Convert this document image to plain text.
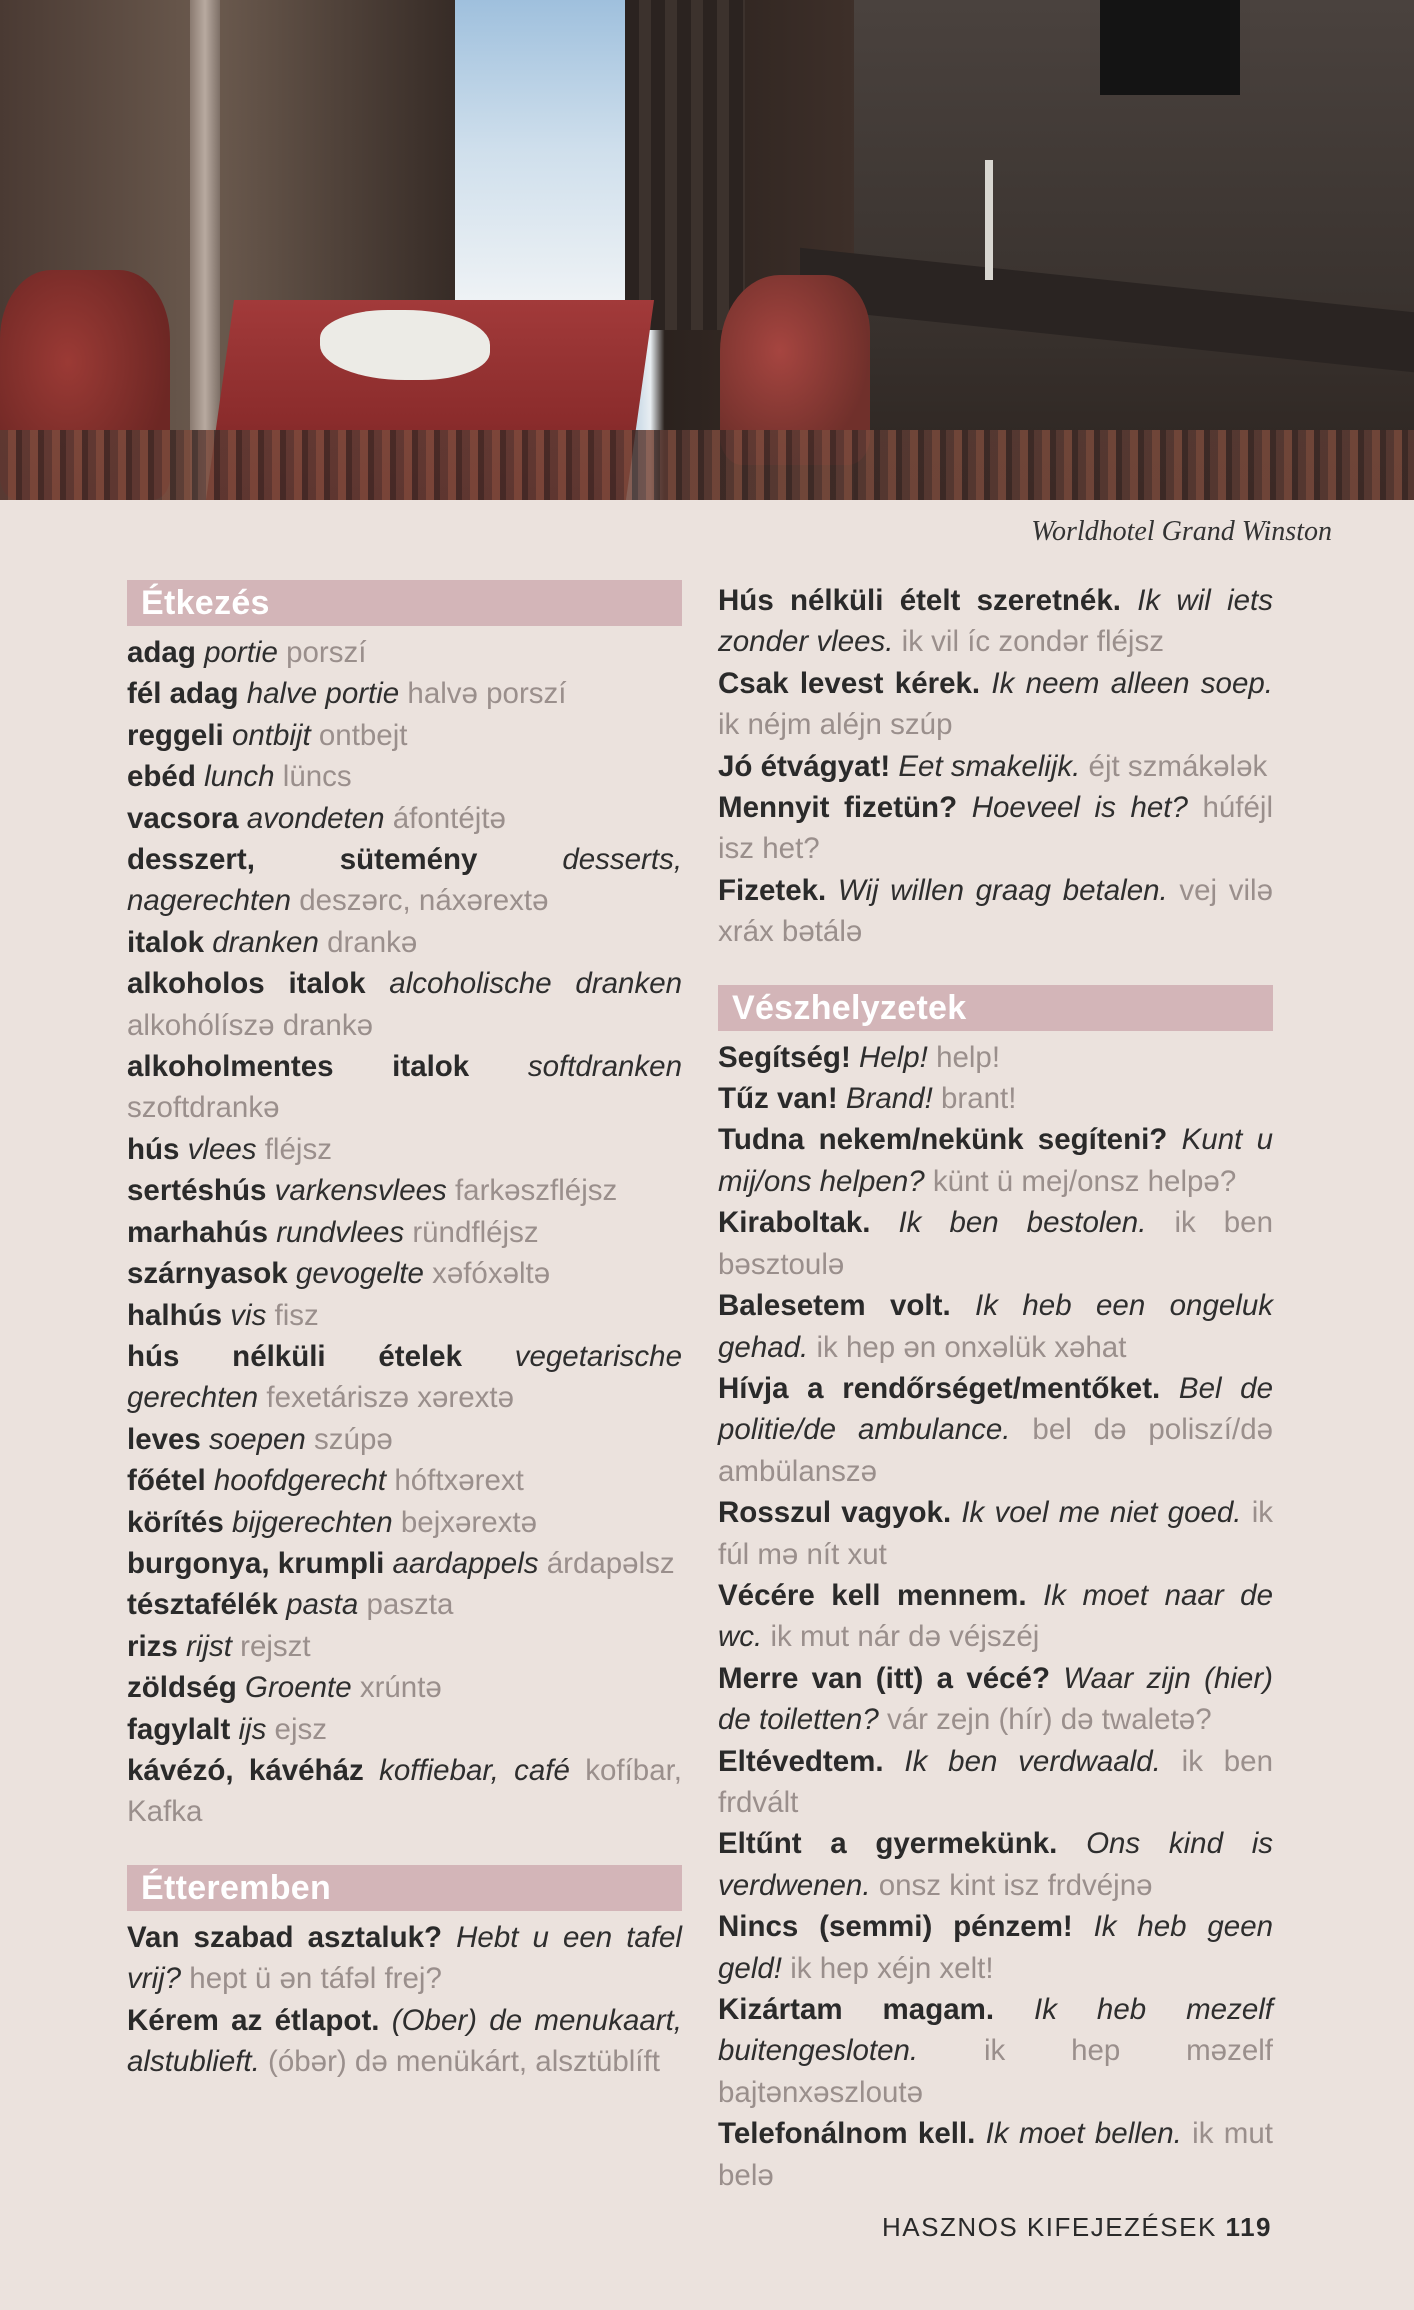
Worldhotel Grand Winston
Étkezés
adag portie porszí
fél adag halve portie halvə porszí
reggeli ontbijt ontbejt
ebéd lunch lüncs
vacsora avondeten áfontéjtə
desszert, sütemény	desserts, nagerechten deszərc, náxərextə
italok dranken drankə
alkoholos italok alcoholische dranken alkohólíszə drankə
alkoholmentes italok softdranken szoftdrankə
hús vlees fléjsz
sertéshús varkensvlees farkəszfléjsz
marhahús rundvlees ründfléjsz
szárnyasok gevogelte xəfóxəltə
halhús vis fisz
hús nélküli ételek vegetarische gerechten fexetáriszə xərextə
leves soepen szúpə
főétel hoofdgerecht hóftxərext
körítés bijgerechten bejxərextə
burgonya, krumpli aardappels árdapəlsz
tésztafélék pasta paszta
rizs rijst rejszt
zöldség Groente xrúntə
fagylalt ijs ejsz
kávézó, kávéház koffiebar, café kofíbar, Kafka
Étteremben
Van szabad asztaluk? Hebt u een tafel vrij? hept ü ən táfəl frej?
Kérem az étlapot. (Ober) de menukaart, alstublieft. (óbər) də menükárt, alsztüblíft
Hús nélküli ételt szeretnék. Ik wil iets zonder vlees. ik vil íc zondər fléjsz
Csak levest kérek. Ik neem alleen soep. ik néjm aléjn szúp
Jó étvágyat! Eet smakelijk. éjt szmákələk
Mennyit fizetün? Hoeveel is het? húféjl isz het?
Fizetek. Wij willen graag betalen. vej vilə xráx bətálə
Vészhelyzetek
Segítség! Help! help!
Tűz van! Brand! brant!
Tudna nekem/nekünk segíteni? Kunt u mij/ons helpen? künt ü mej/onsz helpə?
Kiraboltak. Ik ben bestolen. ik ben bəsztoulə
Balesetem volt. Ik heb een ongeluk gehad. ik hep ən onxəlük xəhat
Hívja a rendőrséget/mentőket. Bel de politie/de ambulance. bel də poliszí/də ambülanszə
Rosszul vagyok. Ik voel me niet goed. ik fúl mə nít xut
Vécére kell mennem. Ik moet naar de wc. ik mut nár də véjszéj
Merre van (itt) a vécé? Waar zijn (hier) de toiletten? vár zejn (hír) də twaletə?
Eltévedtem. Ik ben verdwaald. ik ben frdvált
Eltűnt a gyermekünk. Ons kind is verdwenen. onsz kint isz frdvéjnə
Nincs (semmi) pénzem! Ik heb geen geld! ik hep xéjn xelt!
Kizártam magam. Ik heb mezelf buitengesloten. ik hep məzelf bajtənxəszloutə
Telefonálnom kell. Ik moet bellen. ik mut belə
HASZNOS KIFEJEZÉSEK 119
